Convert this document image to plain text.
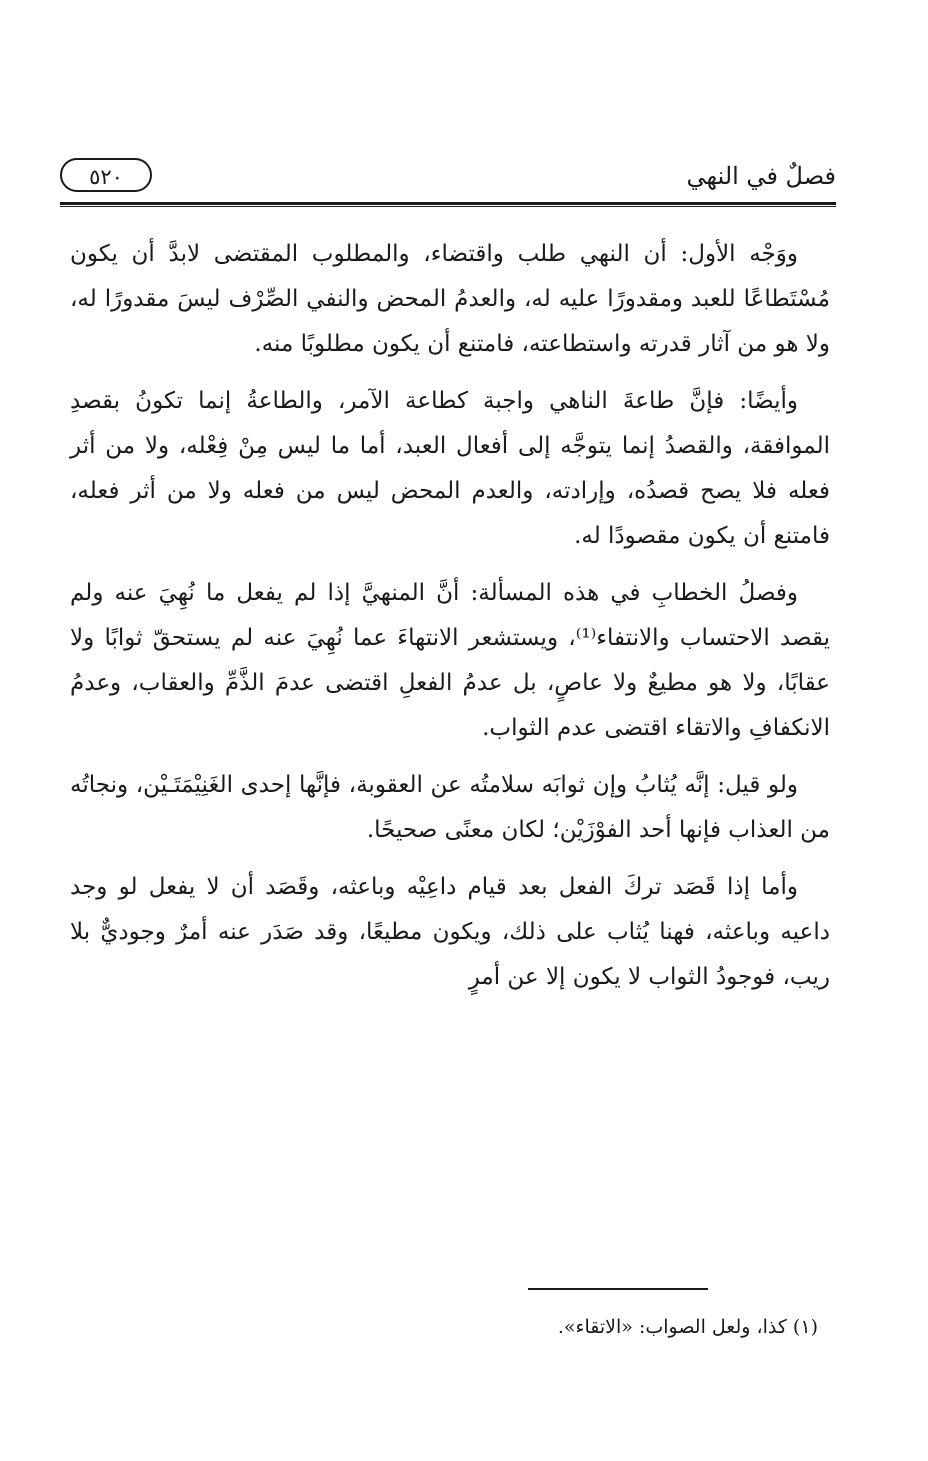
فصلٌ في النهي
٥٢٠

ووَجْه الأول: أن النهي طلب واقتضاء، والمطلوب المقتضى لابدَّ أن يكون مُسْتَطاعًا للعبد ومقدورًا عليه له، والعدمُ المحض والنفي الصِّرْف ليسَ مقدورًا له، ولا هو من آثار قدرته واستطاعته، فامتنع أن يكون مطلوبًا منه.

وأيضًا: فإنَّ طاعةَ الناهي واجبة كطاعة الآمر، والطاعةُ إنما تكونُ بقصدِ الموافقة، والقصدُ إنما يتوجَّه إلى أفعال العبد، أما ما ليس مِنْ فِعْله، ولا من أثر فعله فلا يصح قصدُه، وإرادته، والعدم المحض ليس من فعله ولا من أثر فعله، فامتنع أن يكون مقصودًا له.

وفصلُ الخطابِ في هذه المسألة: أنَّ المنهيَّ إذا لم يفعل ما نُهِيَ عنه ولم يقصد الاحتساب والانتفاء⁽¹⁾، ويستشعر الانتهاءَ عما نُهِيَ عنه لم يستحقّ ثوابًا ولا عقابًا، ولا هو مطيعٌ ولا عاصٍ، بل عدمُ الفعلِ اقتضى عدمَ الذَّمِّ والعقاب، وعدمُ الانكفافِ والاتقاء اقتضى عدم الثواب.

ولو قيل: إنَّه يُثابُ وإن ثوابَه سلامتُه عن العقوبة، فإنَّها إحدى الغَنِيْمَتَـيْن، ونجاتُه من العذاب فإنها أحد الفوْزَيْن؛ لكان معنًى صحيحًا.

وأما إذا قَصَد تركَ الفعل بعد قيام داعِيْه وباعثه، وقَصَد أن لا يفعل لو وجد داعيه وباعثه، فهنا يُثاب على ذلك، ويكون مطيعًا، وقد صَدَر عنه أمرٌ وجوديٌّ بلا ريب، فوجودُ الثواب لا يكون إلا عن أمرٍ

(١) كذا، ولعل الصواب: «الاتقاء».
